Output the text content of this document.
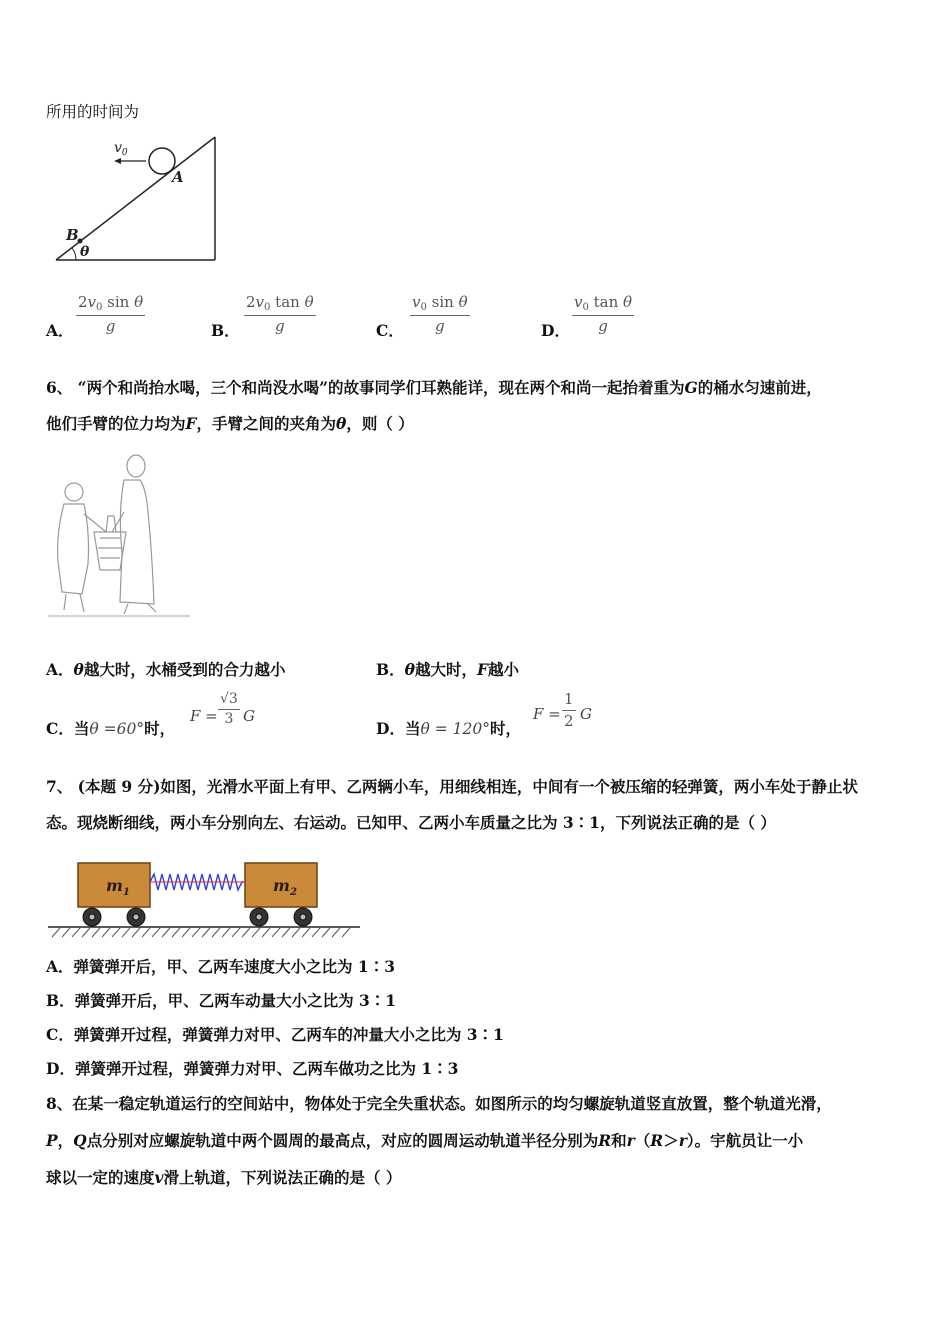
所用的时间为
$v_0$
A
B
θ
A．
$2v_0$ sin θ
g	B．
$2v_0$ tan θ
g	C．
$v_0$ sin θ
g	D．
$v_0$ tan θ
g
6、 “两个和尚抬水喝，三个和尚没水喝”的故事同学们耳熟能详，现在两个和尚一起抬着重为G的桶水匀速前进，
他们手臂的位力均为F，手臂之间的夹角为θ，则（ ）
A．θ越大时，水桶受到的合力越小	B．θ越大时，F越小
C．当θ =60°时，
F =
√3
3 G
D．当θ = 120°时，
F =
1
2 G
7、 (本题 9 分)如图，光滑水平面上有甲、乙两辆小车，用细线相连，中间有一个被压缩的轻弹簧，两小车处于静止状
态。现烧断细线，两小车分别向左、右运动。已知甲、乙两小车质量之比为 3∶1，下列说法正确的是（ ）
$m_1$	$m_2$
A．弹簧弹开后，甲、乙两车速度大小之比为 1∶3
B．弹簧弹开后，甲、乙两车动量大小之比为 3∶1
C．弹簧弹开过程，弹簧弹力对甲、乙两车的冲量大小之比为 3∶1
D．弹簧弹开过程，弹簧弹力对甲、乙两车做功之比为 1∶3
8、在某一稳定轨道运行的空间站中，物体处于完全失重状态。如图所示的均匀螺旋轨道竖直放置，整个轨道光滑，
P，Q点分别对应螺旋轨道中两个圆周的最高点，对应的圆周运动轨道半径分别为R和r（R＞r）。宇航员让一小
球以一定的速度v滑上轨道，下列说法正确的是（ ）
